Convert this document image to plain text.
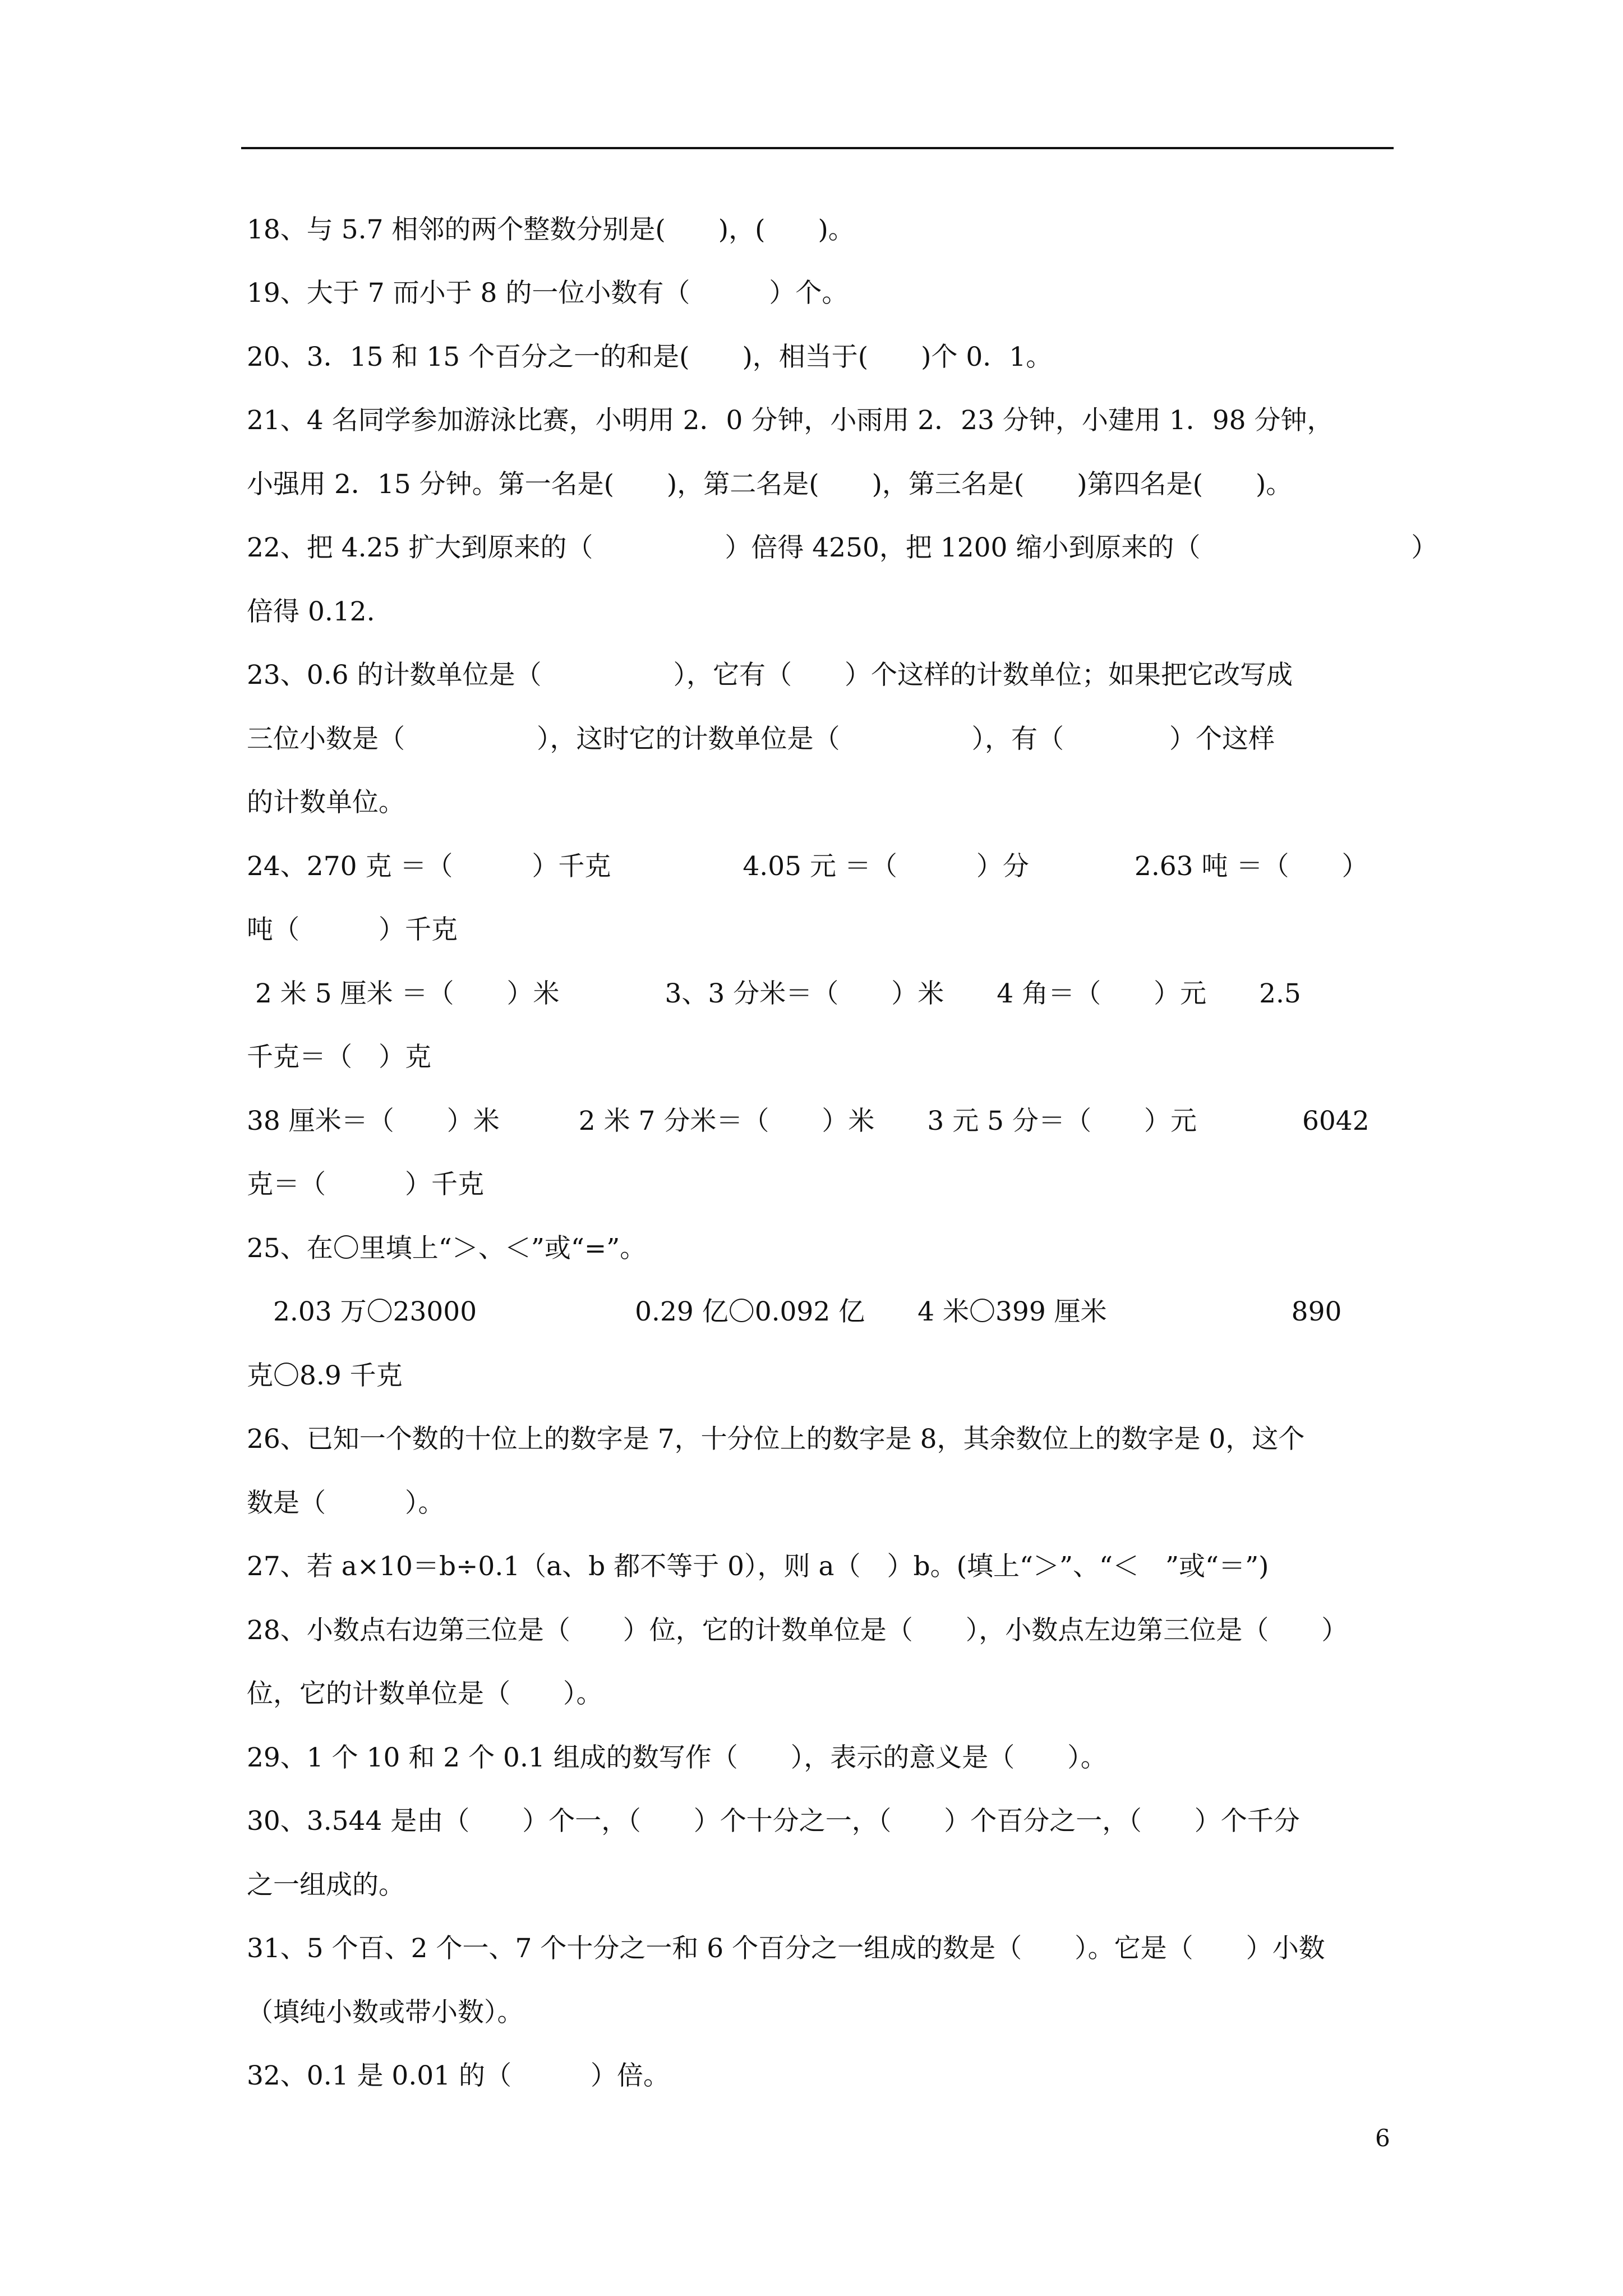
18、与 5.7 相邻的两个整数分别是(　　)，(　　)。
19、大于 7 而小于 8 的一位小数有（　　　）个。
20、3．15 和 15 个百分之一的和是(　　)，相当于(　　)个 0．1。
21、4 名同学参加游泳比赛，小明用 2．0 分钟，小雨用 2．23 分钟，小建用 1．98 分钟，
小强用 2．15 分钟。第一名是(　　)，第二名是(　　)，第三名是(　　)第四名是(　　)。
22、把 4.25 扩大到原来的（　　　　　）倍得 4250，把 1200 缩小到原来的（　　　　　　　　）
倍得 0.12.
23、0.6 的计数单位是（　　　　　），它有（　　）个这样的计数单位；如果把它改写成
三位小数是（　　　　　），这时它的计数单位是（　　　　　），有（　　　　）个这样
的计数单位。
24、270 克 ＝（　　　）千克　　　　　4.05 元 ＝（　　　）分　　　　2.63 吨 ＝（　　）
吨（　　　）千克
2 米 5 厘米 ＝（　　）米　　　　3、3 分米＝（　　）米　　4 角＝（　　）元　　2.5
千克＝（　）克
38 厘米＝（　　）米　　　2 米 7 分米＝（　　）米　　3 元 5 分＝（　　）元　　　　6042
克＝（　　　）千克
25、在〇里填上“＞、＜”或“=”。
　2.03 万〇23000　　　　　　0.29 亿〇0.092 亿　　4 米〇399 厘米　　　　　　　890
克〇8.9 千克
26、已知一个数的十位上的数字是 7，十分位上的数字是 8，其余数位上的数字是 0，这个
数是（　　　）。
27、若 a×10＝b÷0.1（a、b 都不等于 0），则 a（　）b。(填上“＞”、“＜　”或“＝”)
28、小数点右边第三位是（　　）位，它的计数单位是（　　），小数点左边第三位是（　　）
位，它的计数单位是（　　）。
29、1 个 10 和 2 个 0.1 组成的数写作（　　），表示的意义是（　　）。
30、3.544 是由（　　）个一，（　　）个十分之一，（　　）个百分之一，（　　）个千分
之一组成的。
31、5 个百、2 个一、7 个十分之一和 6 个百分之一组成的数是（　　）。它是（　　）小数
（填纯小数或带小数）。
32、0.1 是 0.01 的（　　　）倍。
6
